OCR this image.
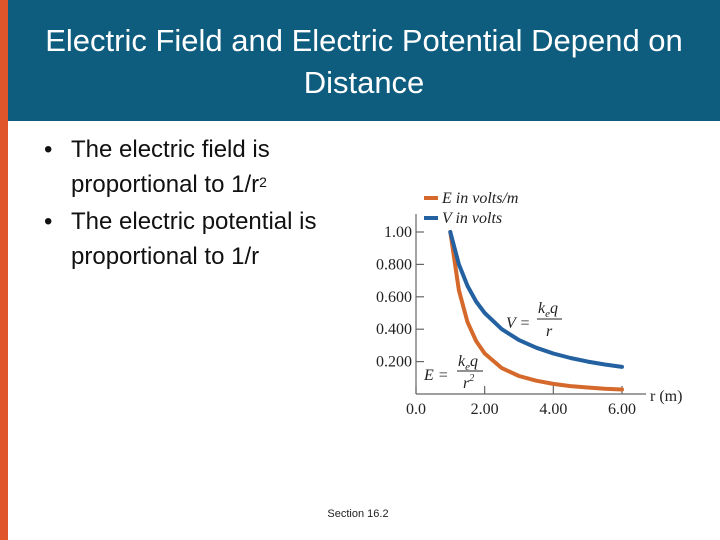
Electric Field and Electric Potential Depend on Distance
• The electric field is proportional to $1/r^2$
• The electric potential is proportional to 1/r
0.200
0.400
0.600
0.800
1.00
0.0	2.00	4.00	6.00
E in volts/m
V in volts
r (m)
V =
$k_eq$
r
E =
$k_eq$
$r^2$
Section 16.2
